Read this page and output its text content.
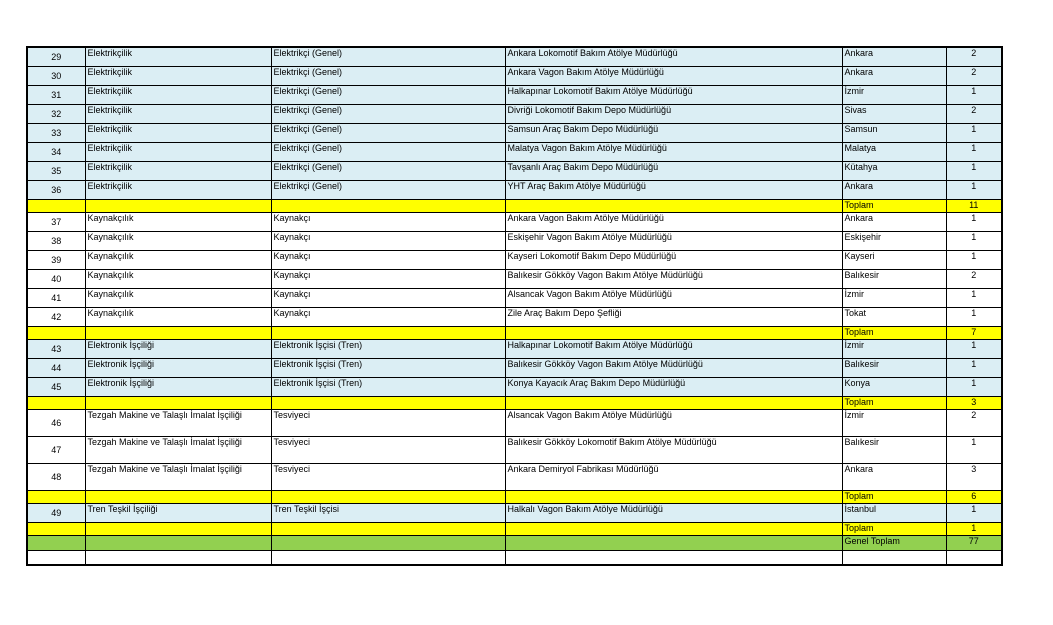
29	Elektrikçilik	Elektrikçi (Genel)	Ankara Lokomotif Bakım Atölye Müdürlüğü	Ankara	2
30	Elektrikçilik	Elektrikçi (Genel)	Ankara Vagon Bakım Atölye Müdürlüğü	Ankara	2
31	Elektrikçilik	Elektrikçi (Genel)	Halkapınar Lokomotif Bakım Atölye Müdürlüğü	İzmir	1
32	Elektrikçilik	Elektrikçi (Genel)	Divriği Lokomotif Bakım Depo Müdürlüğü	Sivas	2
33	Elektrikçilik	Elektrikçi (Genel)	Samsun Araç Bakım Depo Müdürlüğü	Samsun	1
34	Elektrikçilik	Elektrikçi (Genel)	Malatya Vagon Bakım Atölye Müdürlüğü	Malatya	1
35	Elektrikçilik	Elektrikçi (Genel)	Tavşanlı Araç Bakım Depo Müdürlüğü	Kütahya	1
36	Elektrikçilik	Elektrikçi (Genel)	YHT Araç Bakım Atölye Müdürlüğü	Ankara	1
				Toplam	11
37	Kaynakçılık	Kaynakçı	Ankara Vagon Bakım Atölye Müdürlüğü	Ankara	1
38	Kaynakçılık	Kaynakçı	Eskişehir Vagon Bakım Atölye Müdürlüğü	Eskişehir	1
39	Kaynakçılık	Kaynakçı	Kayseri Lokomotif Bakım Depo Müdürlüğü	Kayseri	1
40	Kaynakçılık	Kaynakçı	Balıkesir Gökköy Vagon Bakım Atölye Müdürlüğü	Balıkesir	2
41	Kaynakçılık	Kaynakçı	Alsancak Vagon Bakım Atölye Müdürlüğü	İzmir	1
42	Kaynakçılık	Kaynakçı	Zile Araç Bakım Depo Şefliği	Tokat	1
				Toplam	7
43	Elektronik İşçiliği	Elektronik İşçisi (Tren)	Halkapınar Lokomotif Bakım Atölye Müdürlüğü	İzmir	1
44	Elektronik İşçiliği	Elektronik İşçisi (Tren)	Balıkesir Gökköy Vagon Bakım Atölye Müdürlüğü	Balıkesir	1
45	Elektronik İşçiliği	Elektronik İşçisi (Tren)	Konya Kayacık Araç Bakım Depo Müdürlüğü	Konya	1
				Toplam	3
46	Tezgah Makine ve Talaşlı İmalat İşçiliği	Tesviyeci	Alsancak Vagon Bakım Atölye Müdürlüğü	İzmir	2
47	Tezgah Makine ve Talaşlı İmalat İşçiliği	Tesviyeci	Balıkesir Gökköy Lokomotif Bakım Atölye Müdürlüğü	Balıkesir	1
48	Tezgah Makine ve Talaşlı İmalat İşçiliği	Tesviyeci	Ankara Demiryol Fabrikası Müdürlüğü	Ankara	3
				Toplam	6
49	Tren Teşkil İşçiliği	Tren Teşkil İşçisi	Halkalı Vagon Bakım Atölye Müdürlüğü	İstanbul	1
				Toplam	1
				Genel Toplam	77
